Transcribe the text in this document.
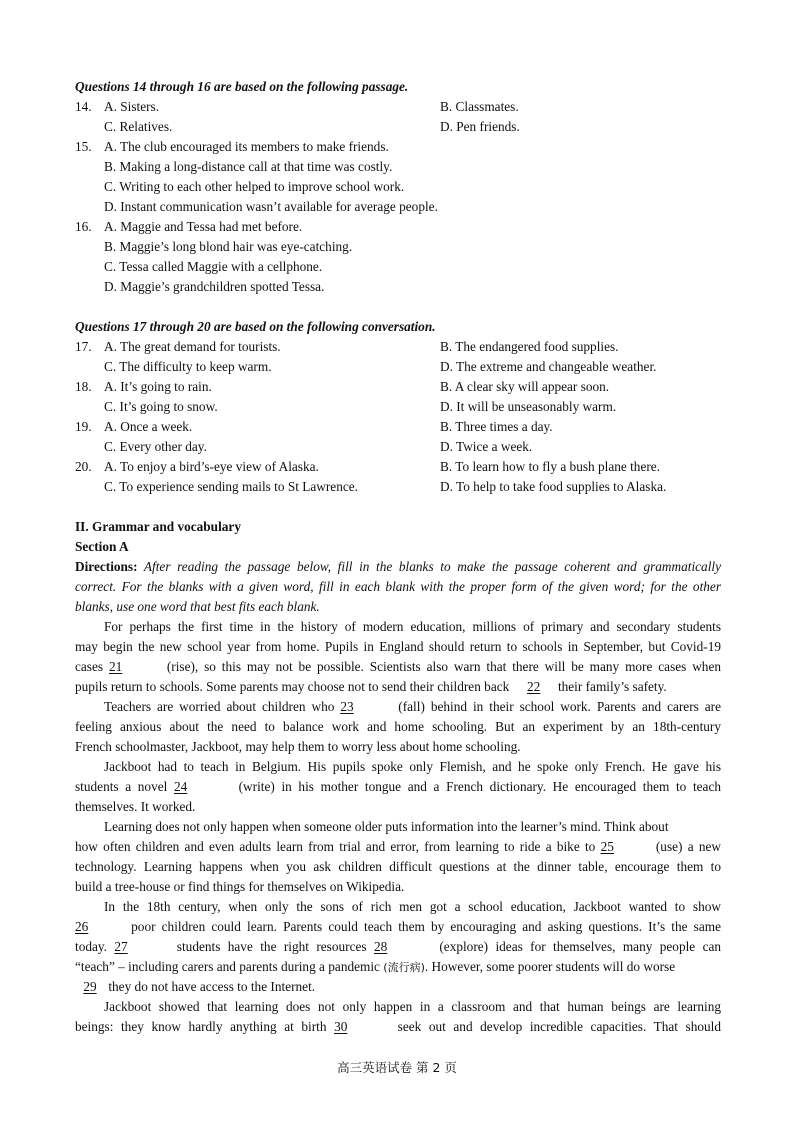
Questions 14 through 16 are based on the following passage.
14. A. Sisters.	B. Classmates.
C. Relatives.	D. Pen friends.
15. A. The club encouraged its members to make friends.
B. Making a long-distance call at that time was costly.
C. Writing to each other helped to improve school work.
D. Instant communication wasn’t available for average people.
16. A. Maggie and Tessa had met before.
B. Maggie’s long blond hair was eye-catching.
C. Tessa called Maggie with a cellphone.
D. Maggie’s grandchildren spotted Tessa.
Questions 17 through 20 are based on the following conversation.
17. A. The great demand for tourists.	B. The endangered food supplies.
C. The difficulty to keep warm.	D. The extreme and changeable weather.
18. A. It’s going to rain.	B. A clear sky will appear soon.
C. It’s going to snow.	D. It will be unseasonably warm.
19. A. Once a week.	B. Three times a day.
C. Every other day.	D. Twice a week.
20. A. To enjoy a bird’s-eye view of Alaska.	B. To learn how to fly a bush plane there.
C. To experience sending mails to St Lawrence.	D. To help to take food supplies to Alaska.
II. Grammar and vocabulary
Section A
Directions: After reading the passage below, fill in the blanks to make the passage coherent and grammatically
correct. For the blanks with a given word, fill in each blank with the proper form of the given word; for the other
blanks, use one word that best fits each blank.
For perhaps the first time in the history of modern education, millions of primary and secondary students
may begin the new school year from home. Pupils in England should return to schools in September, but Covid-19
cases 21	(rise), so this may not be possible. Scientists also warn that there will be many more cases when
pupils return to schools. Some parents may choose not to send their children back 22 their family’s safety.
Teachers are worried about children who 23	(fall) behind in their school work. Parents and carers are
feeling anxious about the need to balance work and home schooling. But an experiment by an 18th-century
French schoolmaster, Jackboot, may help them to worry less about home schooling.
Jackboot had to teach in Belgium. His pupils spoke only Flemish, and he spoke only French. He gave his
students a novel 24	(write) in his mother tongue and a French dictionary. He encouraged them to teach
themselves. It worked.
Learning does not only happen when someone older puts information into the learner’s mind. Think about
how often children and even adults learn from trial and error, from learning to ride a bike to 25	(use) a new
technology. Learning happens when you ask children difficult questions at the dinner table, encourage them to
build a tree-house or find things for themselves on Wikipedia.
In the 18th century, when only the sons of rich men got a school education, Jackboot wanted to show
26	poor children could learn. Parents could teach them by encouraging and asking questions. It’s the same
today. 27	students have the right resources 28	(explore) ideas for themselves, many people can
“teach” – including carers and parents during a pandemic (流行病). However, some poorer students will do worse
29 they do not have access to the Internet.
Jackboot showed that learning does not only happen in a classroom and that human beings are learning
beings: they know hardly anything at birth 30	seek out and develop incredible capacities. That should
高三英语试卷 第 2 页
